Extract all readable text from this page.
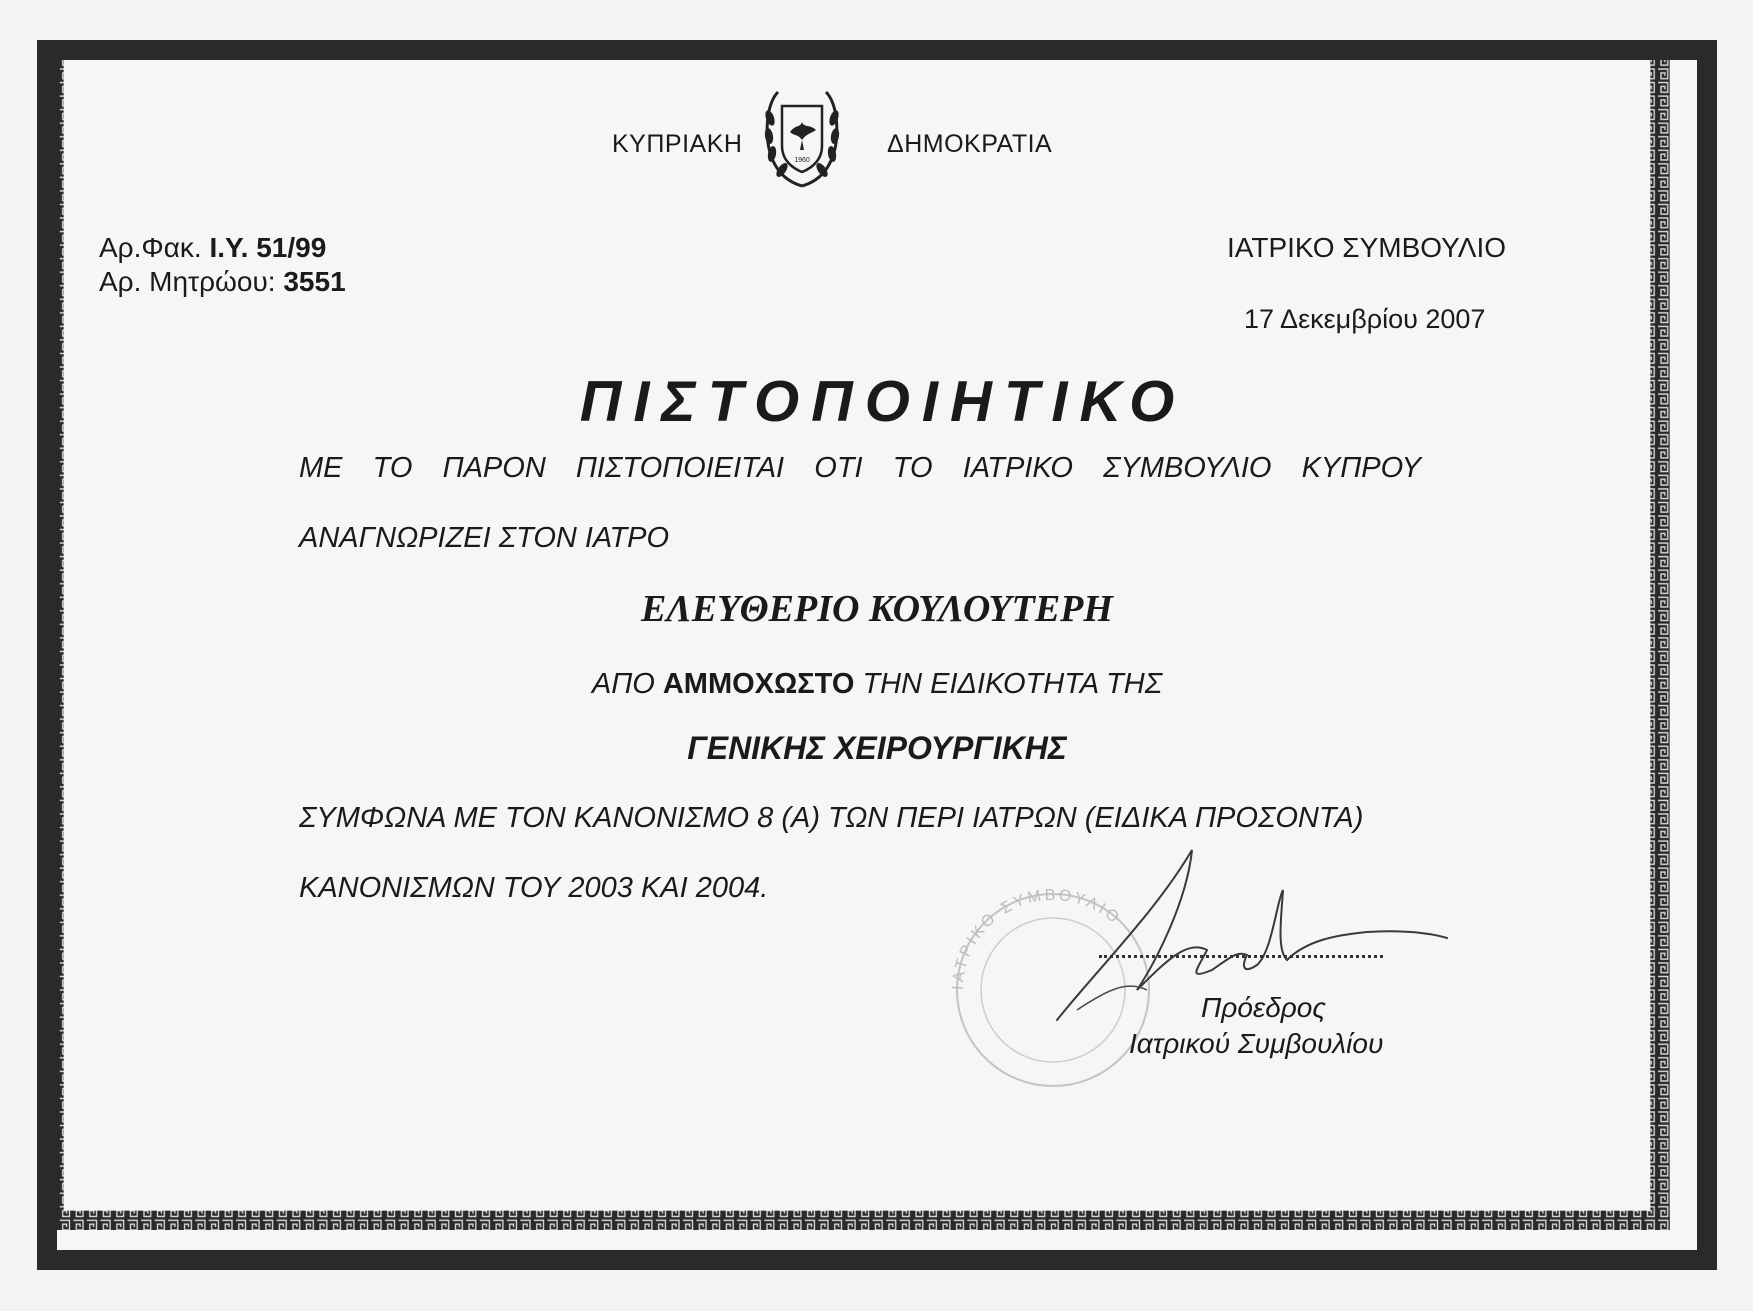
ΚΥΠΡΙΑΚΗ
1960
ΔΗΜΟΚΡΑΤΙΑ
Αρ.Φακ. Ι.Υ. 51/99
Αρ. Μητρώου: 3551
ΙΑΤΡΙΚΟ ΣΥΜΒΟΥΛΙΟ
17 Δεκεμβρίου 2007
ΠΙΣΤΟΠΟΙΗΤΙΚΟ
ΜΕ ΤΟ ΠΑΡΟΝ ΠΙΣΤΟΠΟΙΕΙΤΑΙ ΟΤΙ ΤΟ ΙΑΤΡΙΚΟ ΣΥΜΒΟΥΛΙΟ ΚΥΠΡΟΥ
ΑΝΑΓΝΩΡΙΖΕΙ ΣΤΟΝ ΙΑΤΡΟ
ΕΛΕΥΘΕΡΙΟ ΚΟΥΛΟΥΤΕΡΗ
ΑΠΟ ΑΜΜΟΧΩΣΤΟ ΤΗΝ ΕΙΔΙΚΟΤΗΤΑ ΤΗΣ
ΓΕΝΙΚΗΣ ΧΕΙΡΟΥΡΓΙΚΗΣ
ΣΥΜΦΩΝΑ ΜΕ ΤΟΝ ΚΑΝΟΝΙΣΜΟ 8 (Α) ΤΩΝ ΠΕΡΙ ΙΑΤΡΩΝ (ΕΙΔΙΚΑ ΠΡΟΣΟΝΤΑ)
ΚΑΝΟΝΙΣΜΩΝ ΤΟΥ 2003 ΚΑΙ 2004.
ΙΑΤΡΙΚΟ ΣΥΜΒΟΥΛΙΟ
Πρόεδρος
Ιατρικού Συμβουλίου
